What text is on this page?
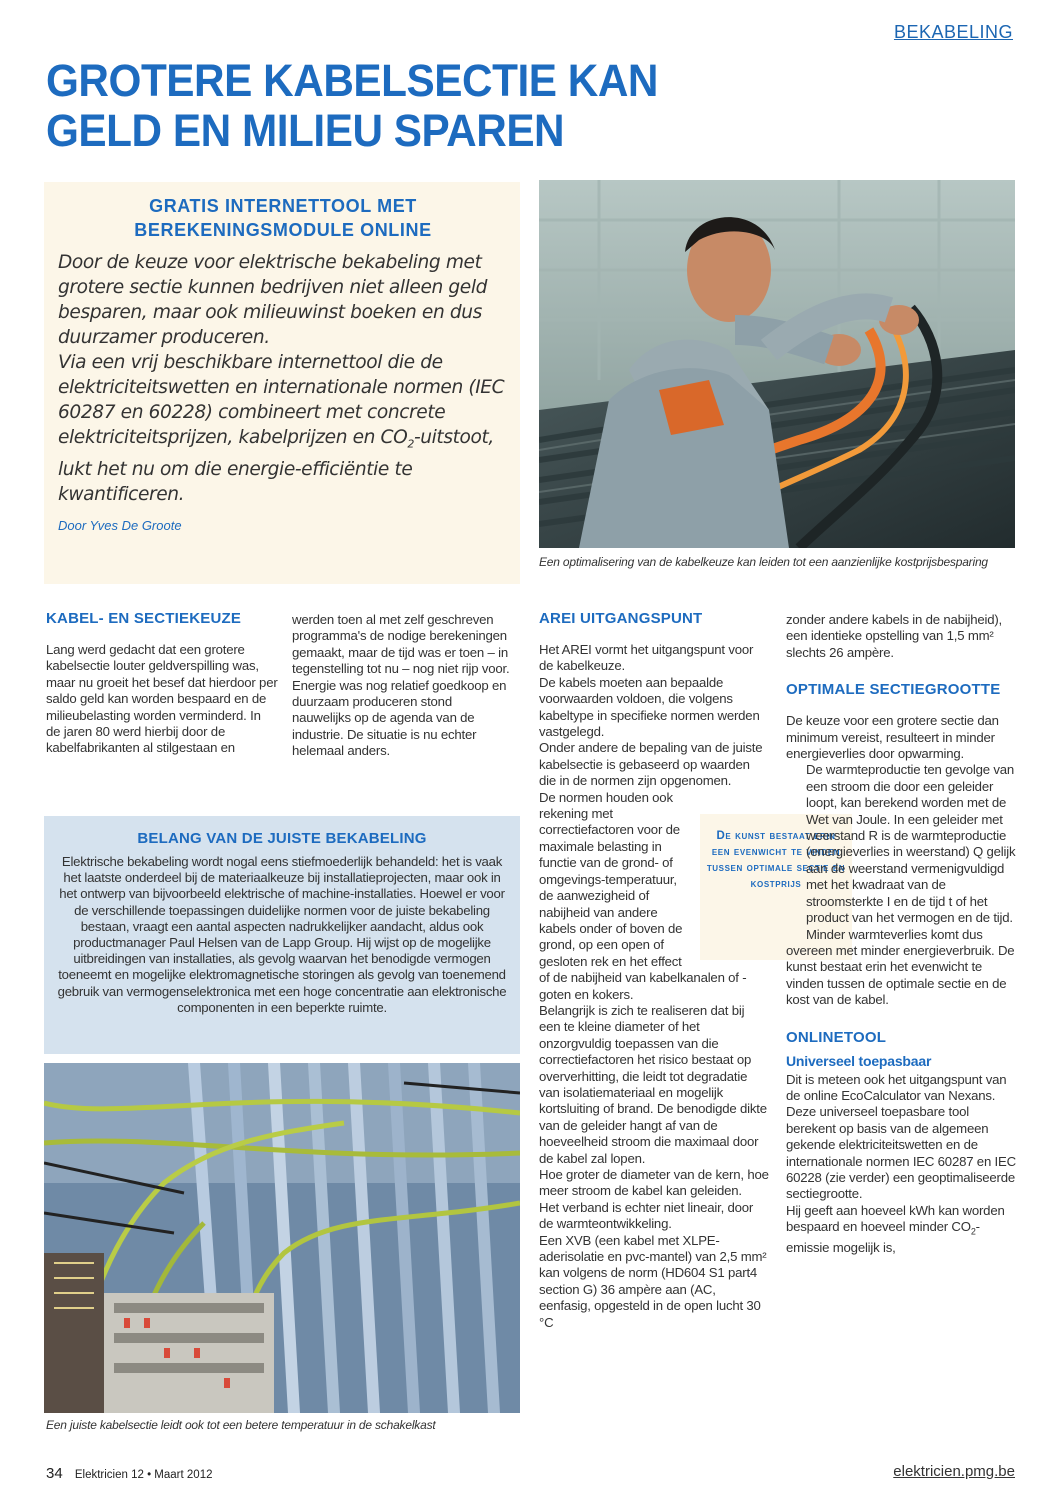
BEKABELING
GROTERE KABELSECTIE KAN
GELD EN MILIEU SPAREN
GRATIS INTERNETTOOL MET
BEREKENINGSMODULE ONLINE

Door de keuze voor elektrische bekabeling met grotere sectie kunnen bedrijven niet alleen geld besparen, maar ook milieuwinst boeken en dus duurzamer produceren.

Via een vrij beschikbare internettool die de elektriciteitswetten en internationale normen (IEC 60287 en 60228) combineert met concrete elektriciteitsprijzen, kabelprijzen en $CO_2$-uitstoot, lukt het nu om die energie-efficiëntie te kwantificeren.

Door Yves De Groote
Een optimalisering van de kabelkeuze kan leiden tot een aanzienlijke kostprijsbesparing
KABEL- EN SECTIEKEUZE

Lang werd gedacht dat een grotere kabelsectie louter geldverspilling was, maar nu groeit het besef dat hierdoor per saldo geld kan worden bespaard en de milieubelasting worden verminderd. In de jaren 80 werd hierbij door de kabelfabrikanten al stilgestaan en

werden toen al met zelf geschreven programma's de nodige berekeningen gemaakt, maar de tijd was er toen – in tegenstelling tot nu – nog niet rijp voor.

Energie was nog relatief goedkoop en duurzaam produceren stond nauwelijks op de agenda van de industrie. De situatie is nu echter helemaal anders.

BELANG VAN DE JUISTE BEKABELING
Elektrische bekabeling wordt nogal eens stiefmoederlijk behandeld: het is vaak het laatste onderdeel bij de materiaalkeuze bij installatieprojecten, maar ook in het ontwerp van bijvoorbeeld elektrische of machine-installaties. Hoewel er voor de verschillende toepassingen duidelijke normen voor de juiste bekabeling bestaan, vraagt een aantal aspecten nadrukkelijker aandacht, aldus ook productmanager Paul Helsen van de Lapp Group. Hij wijst op de mogelijke uitbreidingen van installaties, als gevolg waarvan het benodigde vermogen toeneemt en mogelijke elektromagnetische storingen als gevolg van toenemend gebruik van vermogenselektronica met een hoge concentratie aan elektronische componenten in een beperkte ruimte.
Een juiste kabelsectie leidt ook tot een betere temperatuur in de schakelkast
AREI UITGANGSPUNT

Het AREI vormt het uitgangspunt voor de kabelkeuze.

De kabels moeten aan bepaalde voorwaarden voldoen, die volgens kabeltype in specifieke normen werden vastgelegd.

Onder andere de bepaling van de juiste kabelsectie is gebaseerd op waarden die in de normen zijn opgenomen.

De normen houden ook rekening met correctiefactoren voor de maximale belasting in functie van de grond- of omgevings-temperatuur, de aanwezigheid of nabijheid van andere kabels onder of boven de grond, op een open of gesloten rek en het effect of de nabijheid van kabelkanalen of -goten en kokers.

Belangrijk is zich te realiseren dat bij een te kleine diameter of het onzorgvuldig toepassen van die correctiefactoren het risico bestaat op oververhitting, die leidt tot degradatie van isolatiemateriaal en mogelijk kortsluiting of brand. De benodigde dikte van de geleider hangt af van de hoeveelheid stroom die maximaal door de kabel zal lopen.

Hoe groter de diameter van de kern, hoe meer stroom de kabel kan geleiden.

Het verband is echter niet lineair, door de warmteontwikkeling.

Een XVB (een kabel met XLPE-aderisolatie en pvc-mantel) van 2,5 mm² kan volgens de norm (HD604 S1 part4 section G) 36 ampère aan (AC, eenfasig, opgesteld in de open lucht 30 °C

De kunst bestaat erin een evenwicht te vinden tussen optimale sectie en kostprijs

zonder andere kabels in de nabijheid), een identieke opstelling van 1,5 mm² slechts 26 ampère.

OPTIMALE SECTIEGROOTTE

De keuze voor een grotere sectie dan minimum vereist, resulteert in minder energieverlies door opwarming.

De warmteproductie ten gevolge van een stroom die door een geleider loopt, kan berekend worden met de Wet van Joule. In een geleider met weerstand R is de warmteproductie (energieverlies in weerstand) Q gelijk aan de weerstand vermenigvuldigd met het kwadraat van de stroomsterkte I en de tijd t of het product van het vermogen en de tijd.

Minder warmteverlies komt dus overeen met minder energieverbruik. De kunst bestaat erin het evenwicht te vinden tussen de optimale sectie en de kost van de kabel.

ONLINETOOL
Universeel toepasbaar

Dit is meteen ook het uitgangspunt van de online EcoCalculator van Nexans.

Deze universeel toepasbare tool berekent op basis van de algemeen gekende elektriciteitswetten en de internationale normen IEC 60287 en IEC 60228 (zie verder) een geoptimaliseerde sectiegrootte.

Hij geeft aan hoeveel kWh kan worden bespaard en hoeveel minder $CO_2$-emissie mogelijk is,

34 Elektricien 12 • Maart 2012	elektricien.pmg.be
